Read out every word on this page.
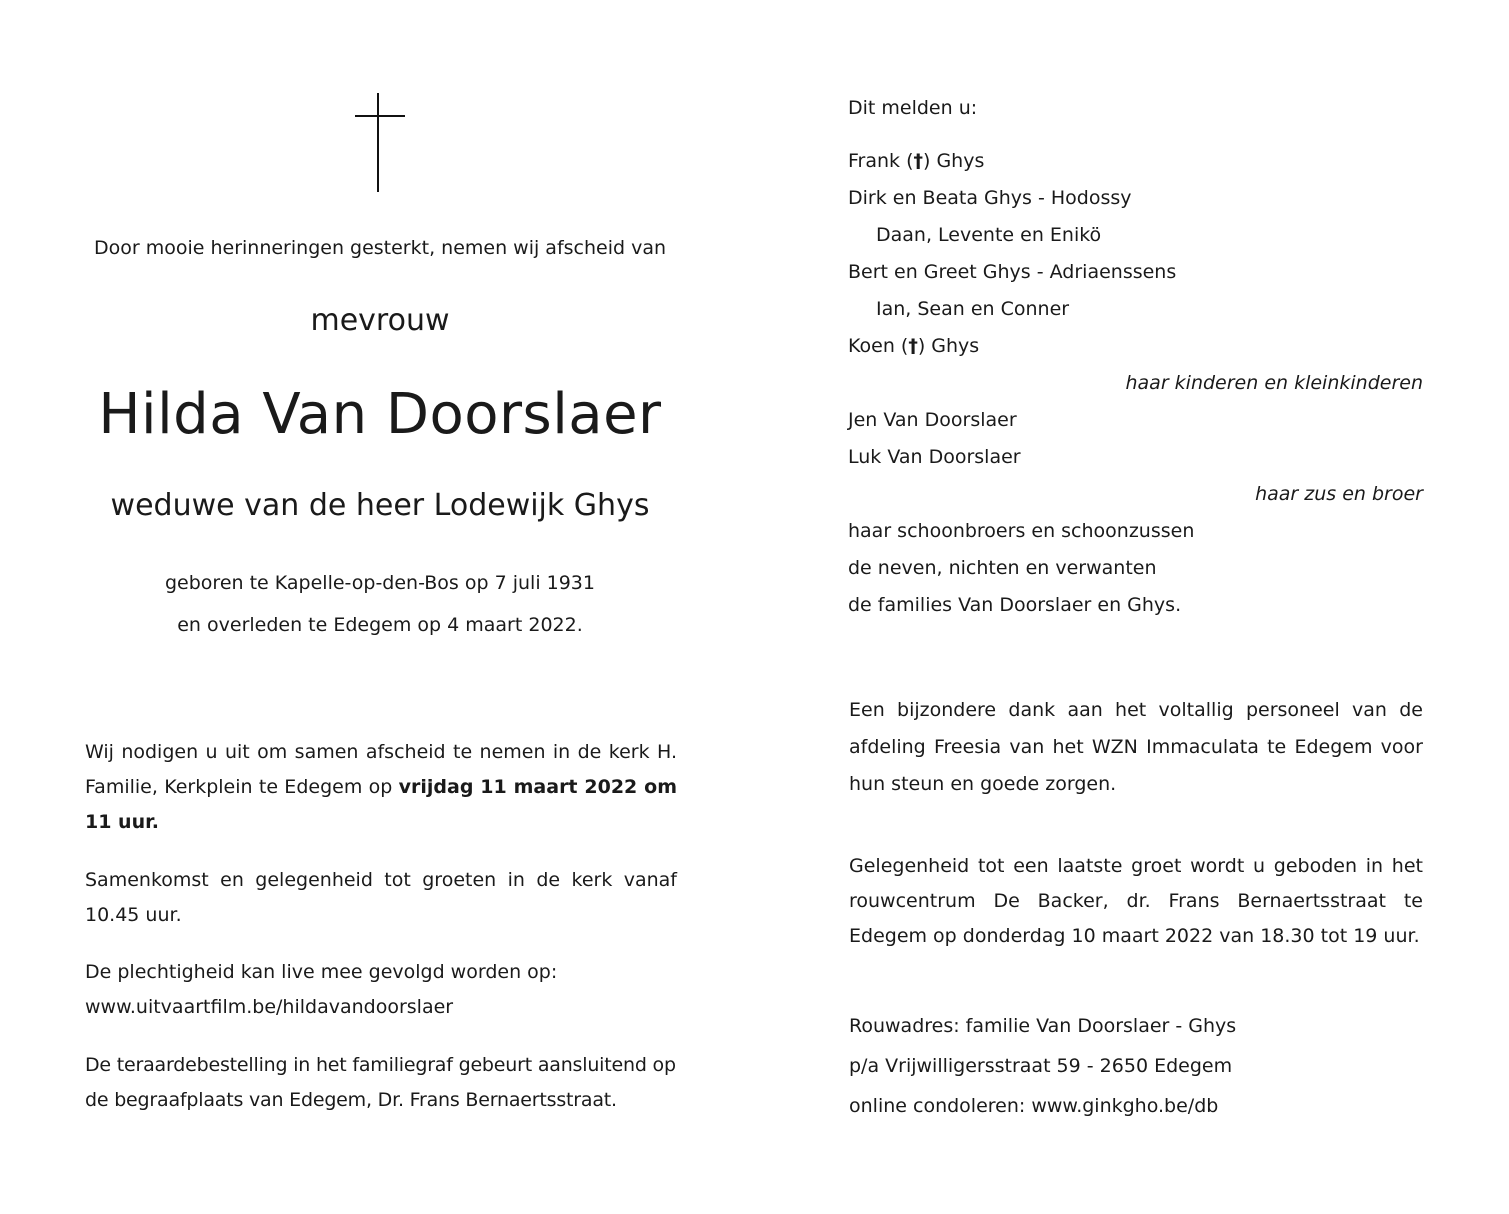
Door mooie herinneringen gesterkt, nemen wij afscheid van
mevrouw
Hilda Van Doorslaer
weduwe van de heer Lodewijk Ghys
geboren te Kapelle-op-den-Bos op 7 juli 1931
en overleden te Edegem op 4 maart 2022.

Wij nodigen u uit om samen afscheid te nemen in de kerk H. Familie, Kerkplein te Edegem op vrijdag 11 maart 2022 om 11 uur.

Samenkomst en gelegenheid tot groeten in de kerk vanaf 10.45 uur.

De plechtigheid kan live mee gevolgd worden op:
www.uitvaartfilm.be/hildavandoorslaer

De teraardebestelling in het familiegraf gebeurt aansluitend op de begraafplaats van Edegem, Dr. Frans Bernaertsstraat.

Dit melden u:
Frank (†) Ghys
Dirk en Beata Ghys - Hodossy
Daan, Levente en Enikö
Bert en Greet Ghys - Adriaenssens
Ian, Sean en Conner
Koen (†) Ghys
haar kinderen en kleinkinderen
Jen Van Doorslaer
Luk Van Doorslaer
haar zus en broer
haar schoonbroers en schoonzussen
de neven, nichten en verwanten
de families Van Doorslaer en Ghys.

Een bijzondere dank aan het voltallig personeel van de afdeling Freesia van het WZN Immaculata te Edegem voor hun steun en goede zorgen.

Gelegenheid tot een laatste groet wordt u geboden in het rouwcentrum De Backer, dr. Frans Bernaertsstraat te Edegem op donderdag 10 maart 2022 van 18.30 tot 19 uur.

Rouwadres: familie Van Doorslaer - Ghys
p/a Vrijwilligersstraat 59 - 2650 Edegem
online condoleren: www.ginkgho.be/db
